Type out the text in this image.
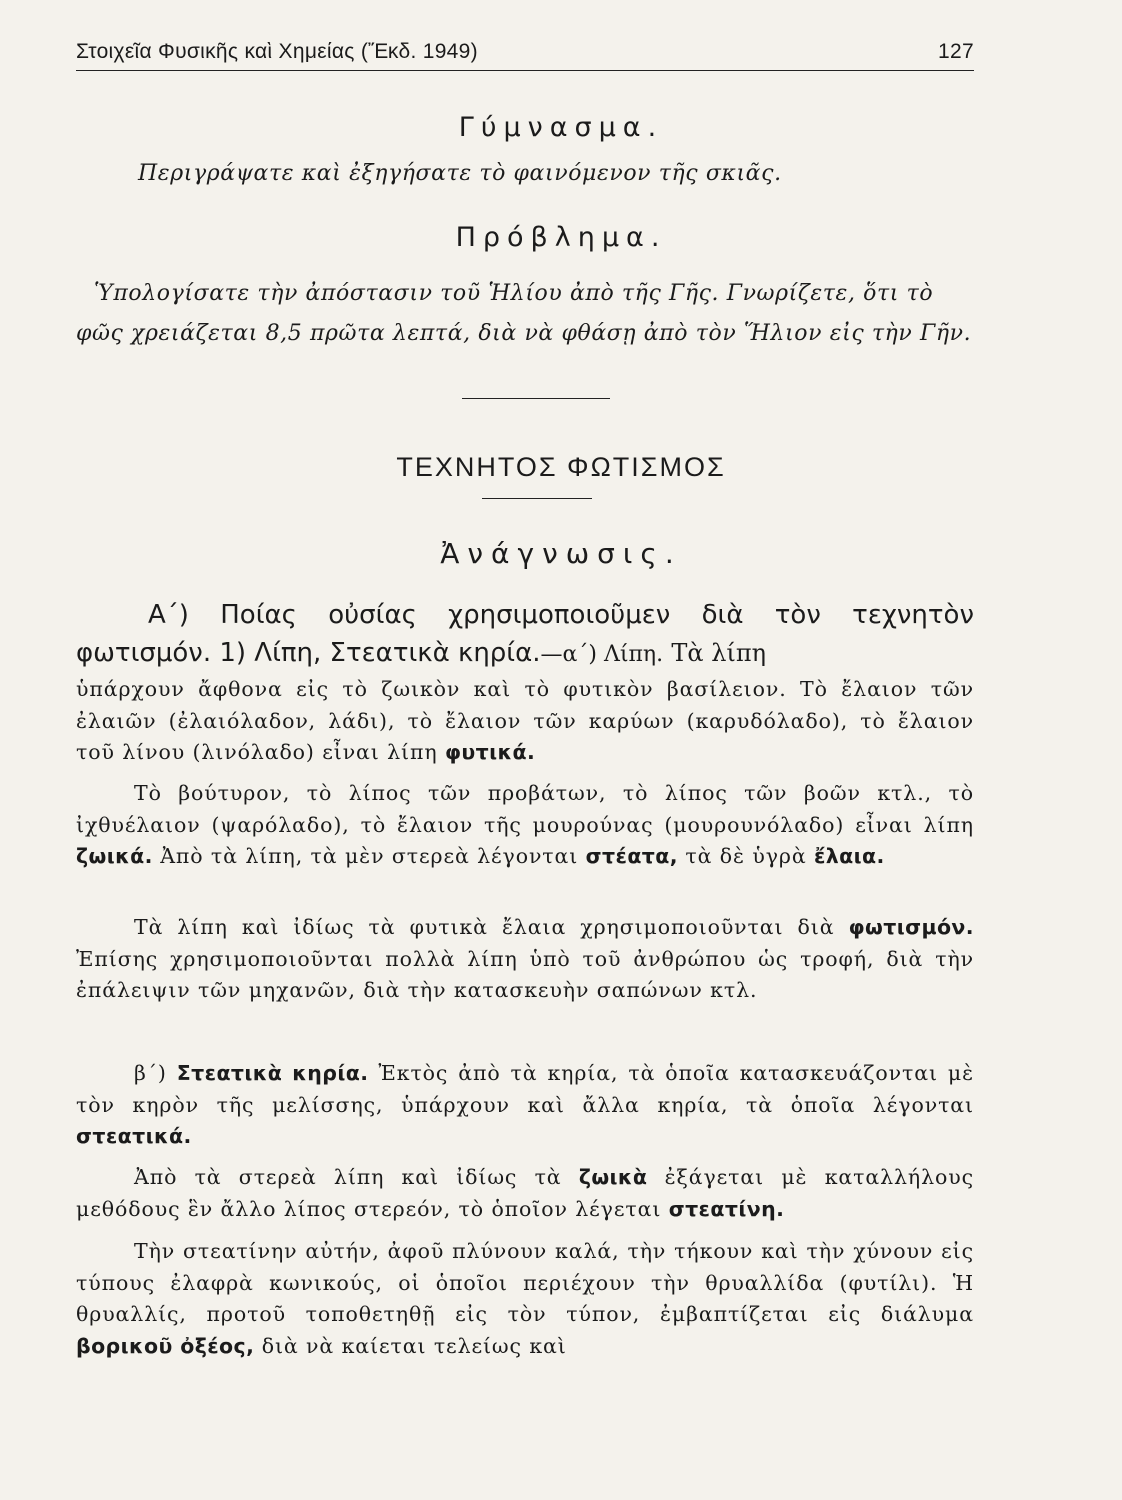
Στοιχεῖα Φυσικῆς καὶ Χημείας (Ἔκδ. 1949)	127
Γύμνασμα.

Περιγράψατε καὶ ἐξηγήσατε τὸ φαινόμενον τῆς σκιᾶς.

Πρόβλημα.

Ὑπολογίσατε τὴν ἀπόστασιν τοῦ Ἡλίου ἀπὸ τῆς Γῆς. Γνωρίζετε, ὅτι τὸ φῶς χρειάζεται 8,5 πρῶτα λεπτά, διὰ νὰ φθάσῃ ἀπὸ τὸν Ἥλιον εἰς τὴν Γῆν.

ΤΕΧΝΗΤΟΣ ΦΩΤΙΣΜΟΣ
Ἀνάγνωσις.

Α΄) Ποίας οὐσίας χρησιμοποιοῦμεν διὰ τὸν τεχνητὸν φωτισμόν. 1) Λίπη, Στεατικὰ κηρία.—α΄) Λίπη. Τὰ λίπη

ὑπάρχουν ἄφθονα εἰς τὸ ζωικὸν καὶ τὸ φυτικὸν βασίλειον. Τὸ ἔλαιον τῶν ἐλαιῶν (ἐλαιόλαδον, λάδι), τὸ ἔλαιον τῶν καρύων (καρυδόλαδο), τὸ ἔλαιον τοῦ λίνου (λινόλαδο) εἶναι λίπη φυτικά.

Τὸ βούτυρον, τὸ λίπος τῶν προβάτων, τὸ λίπος τῶν βοῶν κτλ., τὸ ἰχθυέλαιον (ψαρόλαδο), τὸ ἔλαιον τῆς μουρούνας (μουρουνόλαδο) εἶναι λίπη ζωικά. Ἀπὸ τὰ λίπη, τὰ μὲν στερεὰ λέγονται στέατα, τὰ δὲ ὑγρὰ ἔλαια.

Τὰ λίπη καὶ ἰδίως τὰ φυτικὰ ἔλαια χρησιμοποιοῦνται διὰ φωτισμόν. Ἐπίσης χρησιμοποιοῦνται πολλὰ λίπη ὑπὸ τοῦ ἀνθρώπου ὡς τροφή, διὰ τὴν ἐπάλειψιν τῶν μηχανῶν, διὰ τὴν κατασκευὴν σαπώνων κτλ.

β΄) Στεατικὰ κηρία. Ἐκτὸς ἀπὸ τὰ κηρία, τὰ ὁποῖα κατασκευάζονται μὲ τὸν κηρὸν τῆς μελίσσης, ὑπάρχουν καὶ ἄλλα κηρία, τὰ ὁποῖα λέγονται στεατικά.

Ἀπὸ τὰ στερεὰ λίπη καὶ ἰδίως τὰ ζωικὰ ἐξάγεται μὲ καταλλήλους μεθόδους ἓν ἄλλο λίπος στερεόν, τὸ ὁποῖον λέγεται στεατίνη.

Τὴν στεατίνην αὐτήν, ἀφοῦ πλύνουν καλά, τὴν τήκουν καὶ τὴν χύνουν εἰς τύπους ἐλαφρὰ κωνικούς, οἱ ὁποῖοι περιέχουν τὴν θρυαλλίδα (φυτίλι). Ἡ θρυαλλίς, προτοῦ τοποθετηθῇ εἰς τὸν τύπον, ἐμβαπτίζεται εἰς διάλυμα βορικοῦ ὀξέος, διὰ νὰ καίεται τελείως καὶ
